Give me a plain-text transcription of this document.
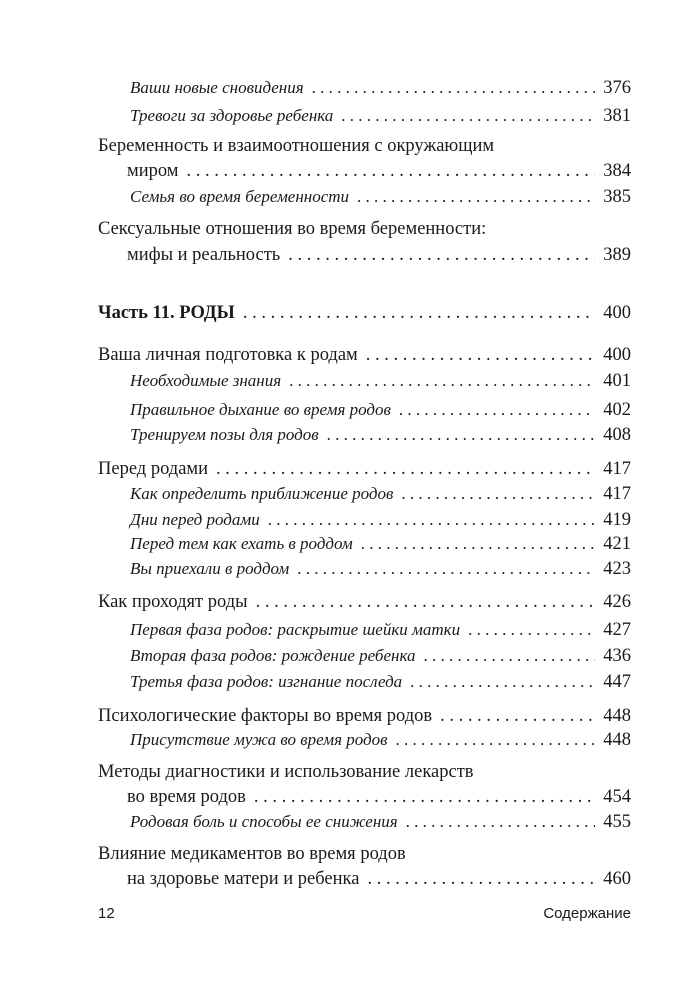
Ваши новые сновидения . . .	376
Тревоги за здоровье ребенка . . .	381
Беременность и взаимоотношения с окружающим
миром . . .	384
Семья во время беременности . . .	385
Сексуальные отношения во время беременности:
мифы и реальность . . .	389
Часть 11. РОДЫ . . .	400
Ваша личная подготовка к родам . . .	400
Необходимые знания . . .	401
Правильное дыхание во время родов . . .	402
Тренируем позы для родов . . .	408
Перед родами . . .	417
Как определить приближение родов . . .	417
Дни перед родами . . .	419
Перед тем как ехать в роддом . . .	421
Вы приехали в роддом . . .	423
Как проходят роды . . .	426
Первая фаза родов: раскрытие шейки матки . . .	427
Вторая фаза родов: рождение ребенка . . .	436
Третья фаза родов: изгнание последа . . .	447
Психологические факторы во время родов . . .	448
Присутствие мужа во время родов . . .	448
Методы диагностики и использование лекарств
во время родов . . .	454
Родовая боль и способы ее снижения . . .	455
Влияние медикаментов во время родов
на здоровье матери и ребенка . . .	460
12	Содержание
